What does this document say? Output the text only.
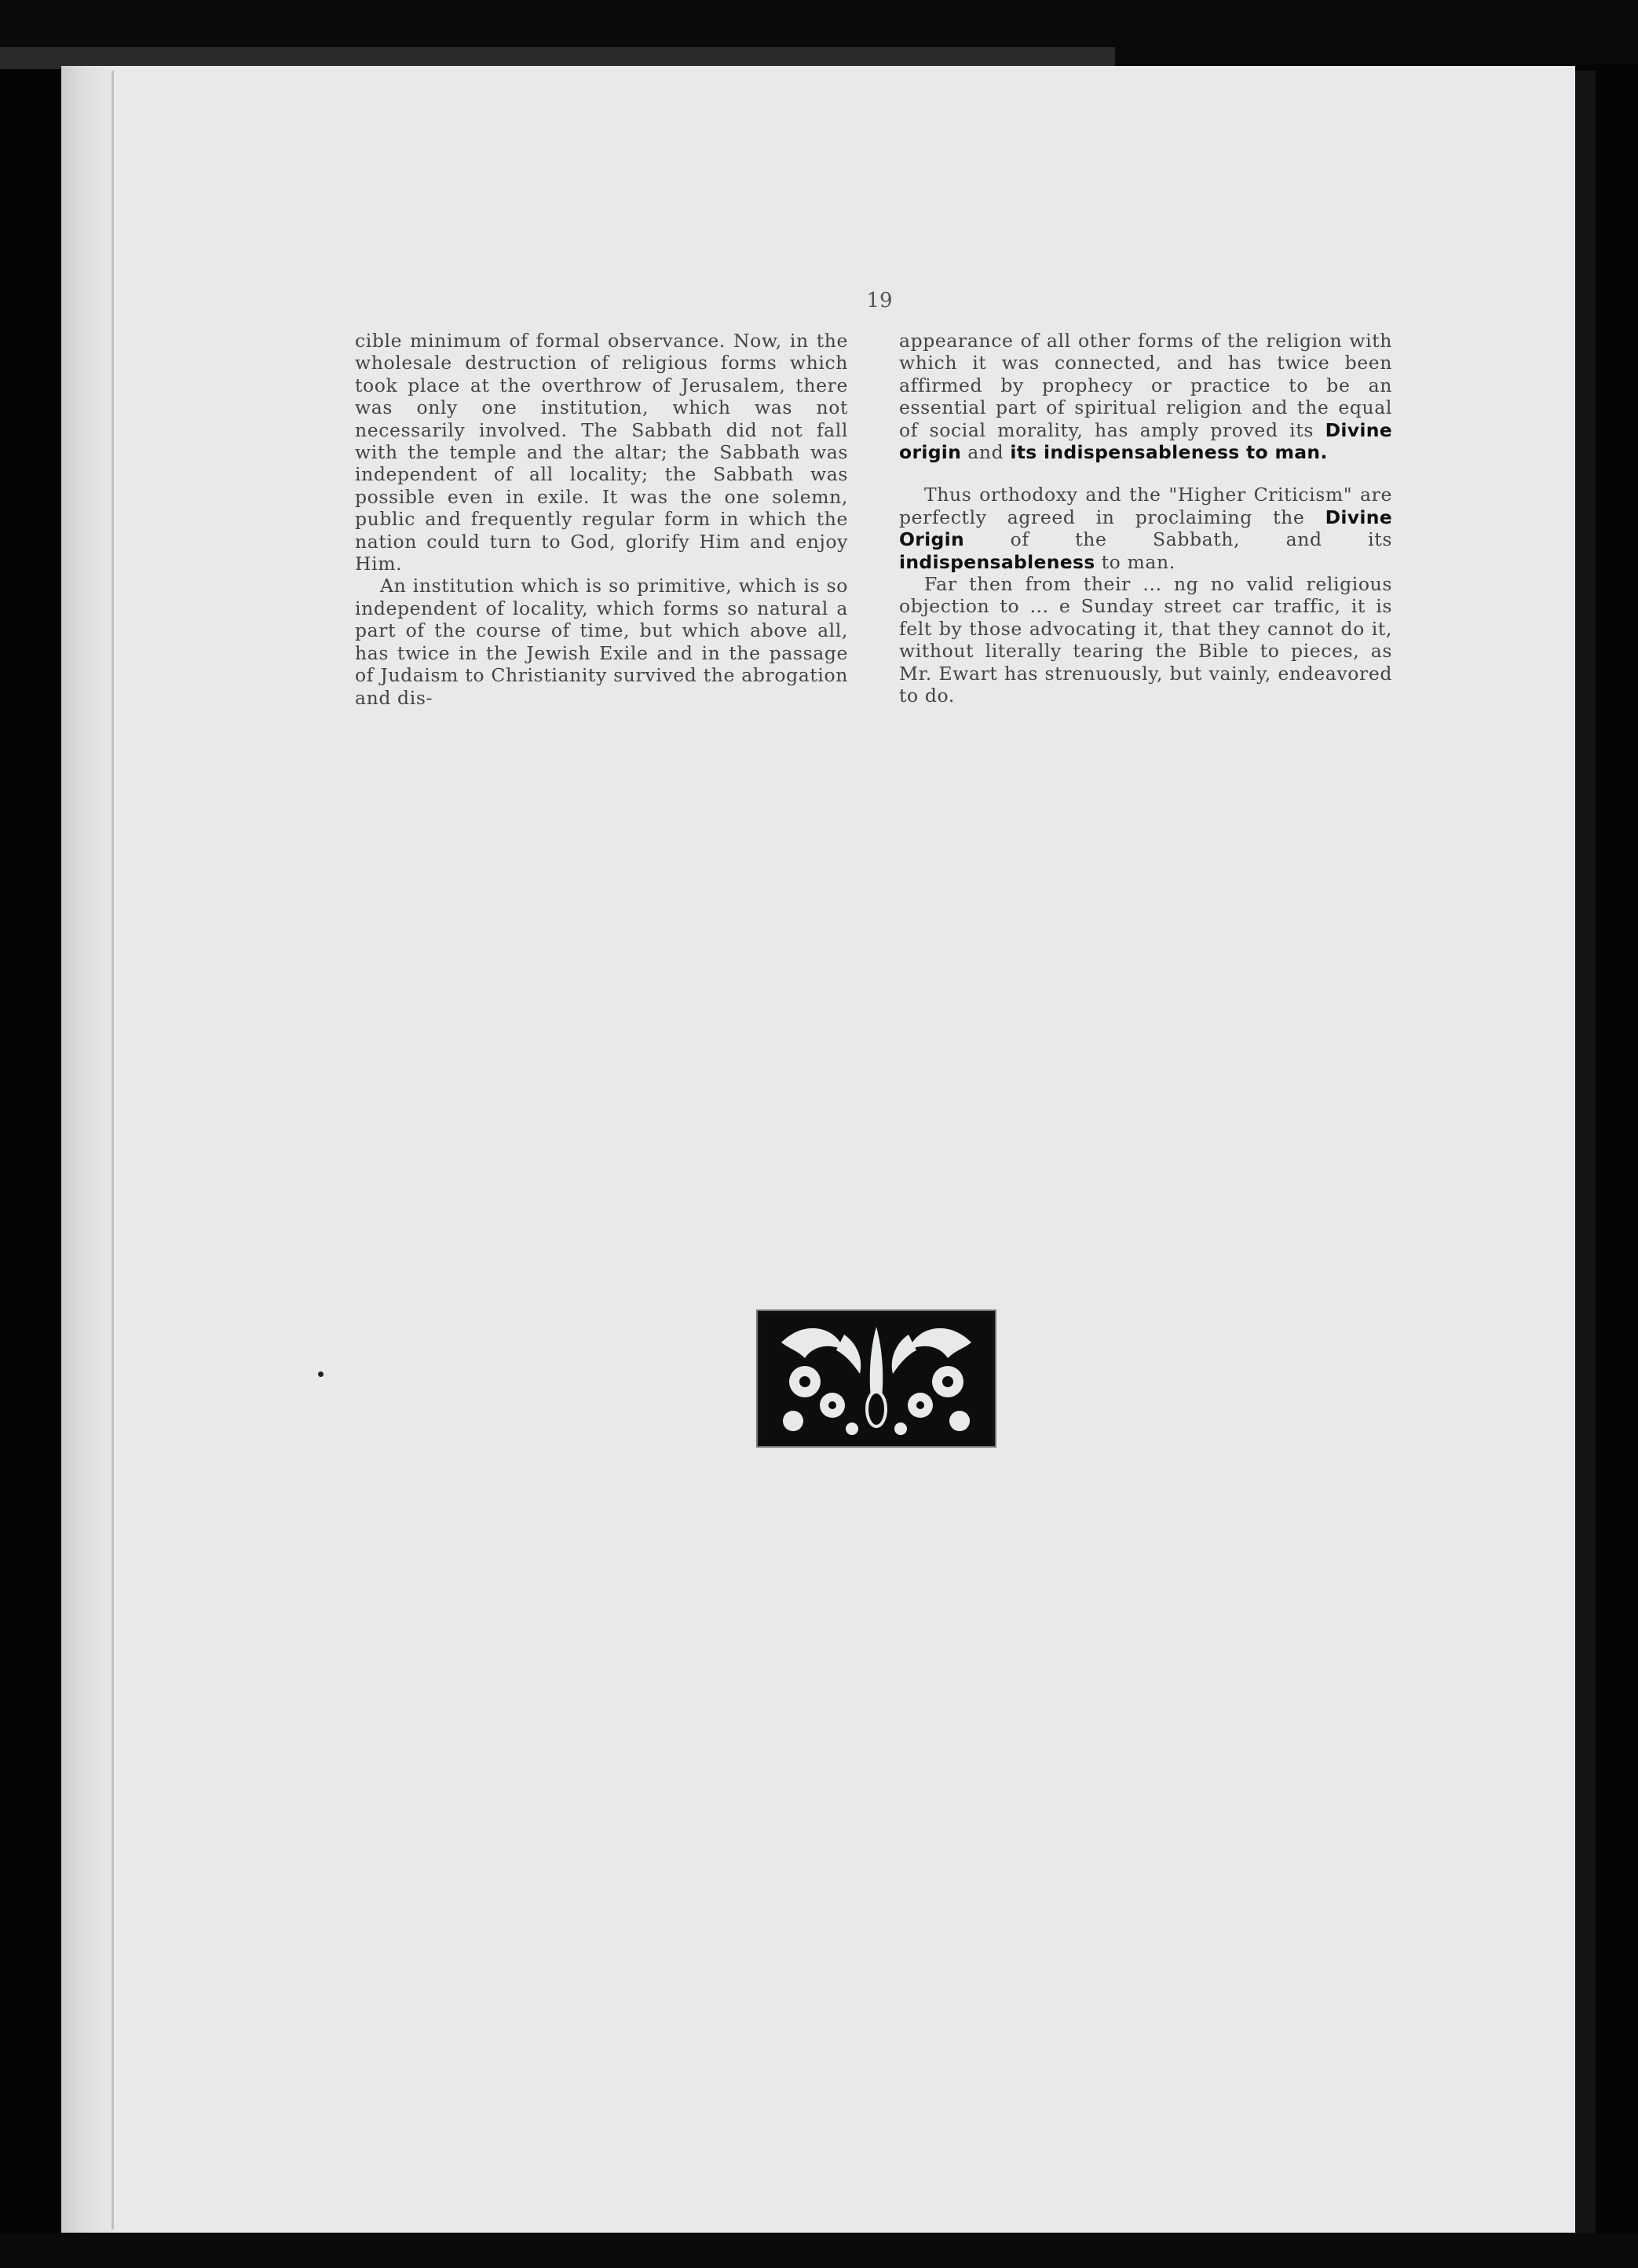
19

cible minimum of formal observance. Now, in the wholesale destruction of religious forms which took place at the overthrow of Jerusalem, there was only one institution, which was not necessarily involved. The Sabbath did not fall with the temple and the altar; the Sabbath was independent of all locality; the Sabbath was possible even in exile. It was the one solemn, public and frequently regular form in which the nation could turn to God, glorify Him and enjoy Him.

An institution which is so primitive, which is so independent of locality, which forms so natural a part of the course of time, but which above all, has twice in the Jewish Exile and in the passage of Judaism to Christianity survived the abrogation and dis-

appearance of all other forms of the religion with which it was connected, and has twice been affirmed by prophecy or practice to be an essential part of spiritual religion and the equal of social morality, has amply proved its Divine origin and its indispensableness to man.

Thus orthodoxy and the "Higher Criticism" are perfectly agreed in proclaiming the Divine Origin of the Sabbath, and its indispensableness to man.

Far then from their ... ng no valid religious objection to ... e Sunday street car traffic, it is felt by those advocating it, that they cannot do it, without literally tearing the Bible to pieces, as Mr. Ewart has strenuously, but vainly, endeavored to do.
